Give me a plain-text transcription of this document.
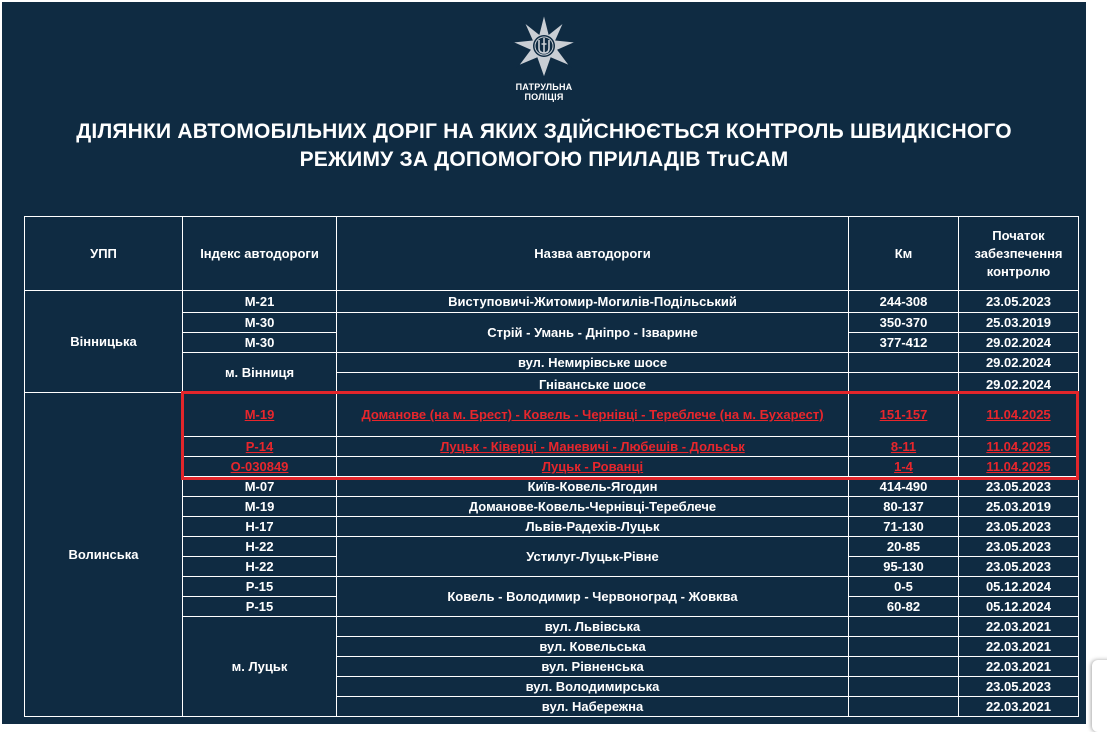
ПАТРУЛЬНА
ПОЛІЦІЯ
ДІЛЯНКИ АВТОМОБІЛЬНИХ ДОРІГ НА ЯКИХ ЗДІЙСНЮЄТЬСЯ КОНТРОЛЬ ШВИДКІСНОГО
РЕЖИМУ ЗА ДОПОМОГОЮ ПРИЛАДІВ TruCAM
УПП	Індекс автодороги	Назва автодороги	Км	Початок забезпечення контролю
Вінницька	М-21	Виступовичі-Житомир-Могилів-Подільський	244-308	23.05.2023
	М-30	Стрій - Умань - Дніпро - Ізварине	350-370	25.03.2019
	М-30		377-412	29.02.2024
	м. Вінниця	вул. Немирівське шосе		29.02.2024

		Гніванське шосе		29.02.2024

Волинська	М-19	Доманове (на м. Брест) - Ковель - Чернівці - Тереблече (на м. Бухарест)	151-157	11.04.2025
	Р-14	Луцьк - Ківерці - Маневичі - Любешів - Дольськ	8-11	11.04.2025
	О-030849	Луцьк - Рованці	1-4	11.04.2025
	М-07	Київ-Ковель-Ягодин	414-490	23.05.2023
	М-19	Доманове-Ковель-Чернівці-Тереблече	80-137	25.03.2019
	Н-17	Львів-Радехів-Луцьк	71-130	23.05.2023
	Н-22	Устилуг-Луцьк-Рівне	20-85	23.05.2023
	Н-22		95-130	23.05.2023
	Р-15	Ковель - Володимир - Червоноград - Жовква	0-5	05.12.2024
	Р-15		60-82	05.12.2024
	м. Луцьк	вул. Львівська		22.03.2021
		вул. Ковельська		22.03.2021
		вул. Рівненська		22.03.2021
		вул. Володимирська		23.05.2023
		вул. Набережна		22.03.2021
